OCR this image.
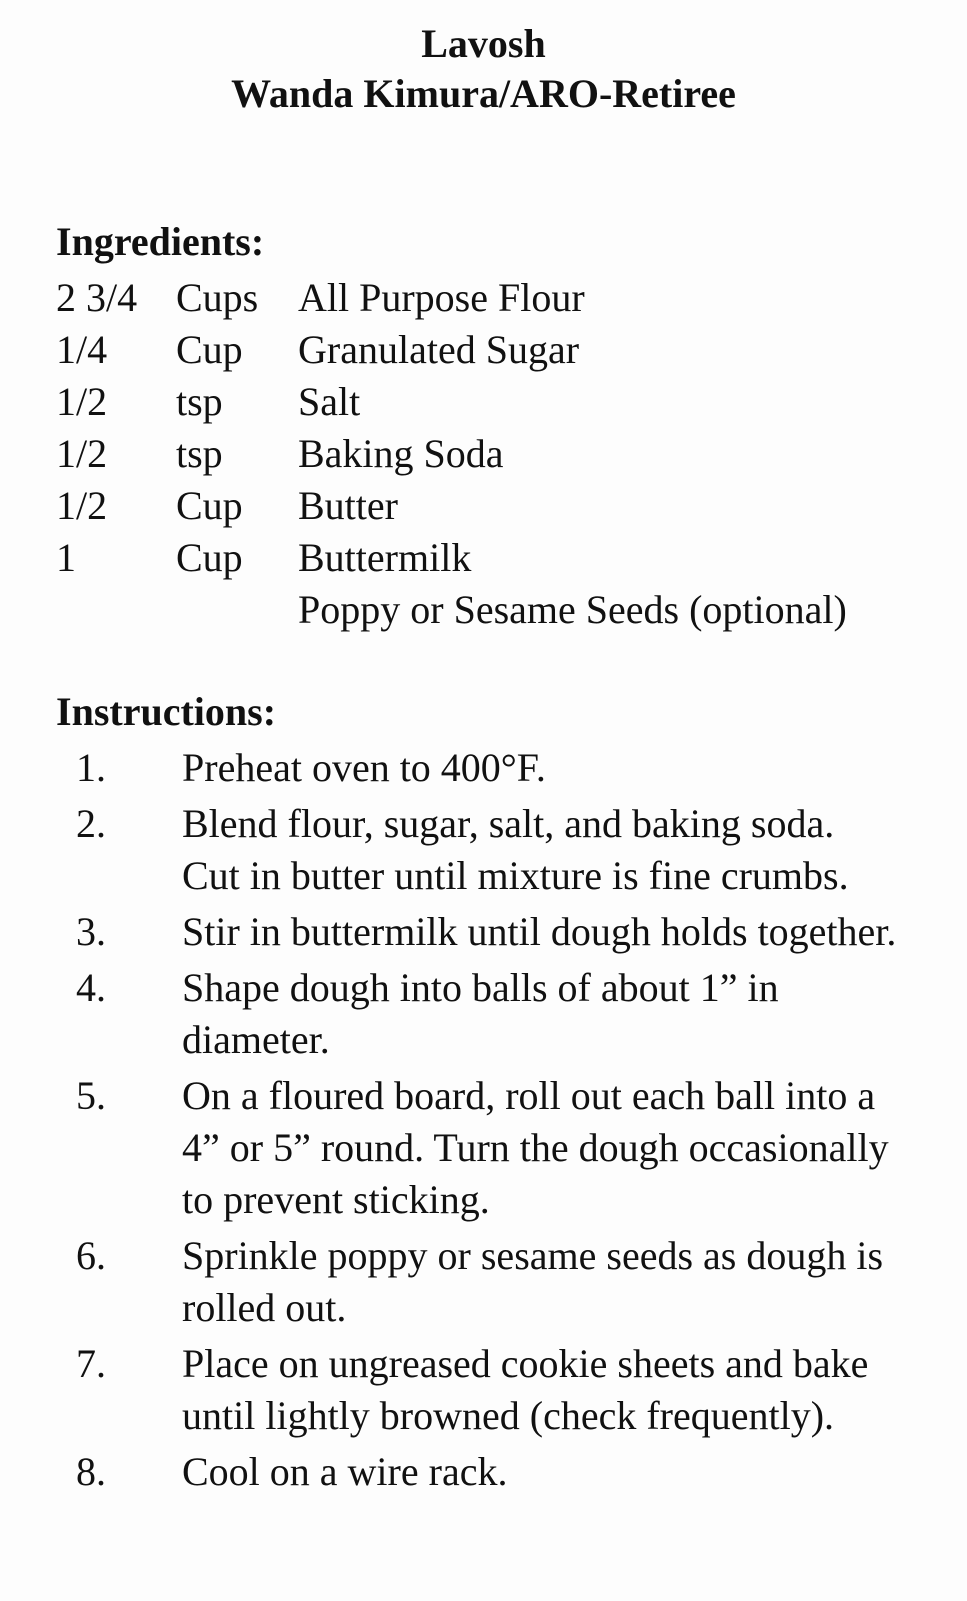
Lavosh
Wanda Kimura/ARO-Retiree
Ingredients:
2 3/4 Cups All Purpose Flour
1/4 Cup Granulated Sugar
1/2 tsp Salt
1/2 tsp Baking Soda
1/2 Cup Butter
1	Cup Buttermilk
Poppy or Sesame Seeds (optional)
Instructions:
1. Preheat oven to 400°F.
2. Blend flour, sugar, salt, and baking soda. Cut in butter until mixture is fine crumbs.
3. Stir in buttermilk until dough holds together.
4. Shape dough into balls of about 1” in diameter.
5. On a floured board, roll out each ball into a 4” or 5” round. Turn the dough occasionally to prevent sticking.
6. Sprinkle poppy or sesame seeds as dough is rolled out.
7. Place on ungreased cookie sheets and bake until lightly browned (check frequently).
8. Cool on a wire rack.
